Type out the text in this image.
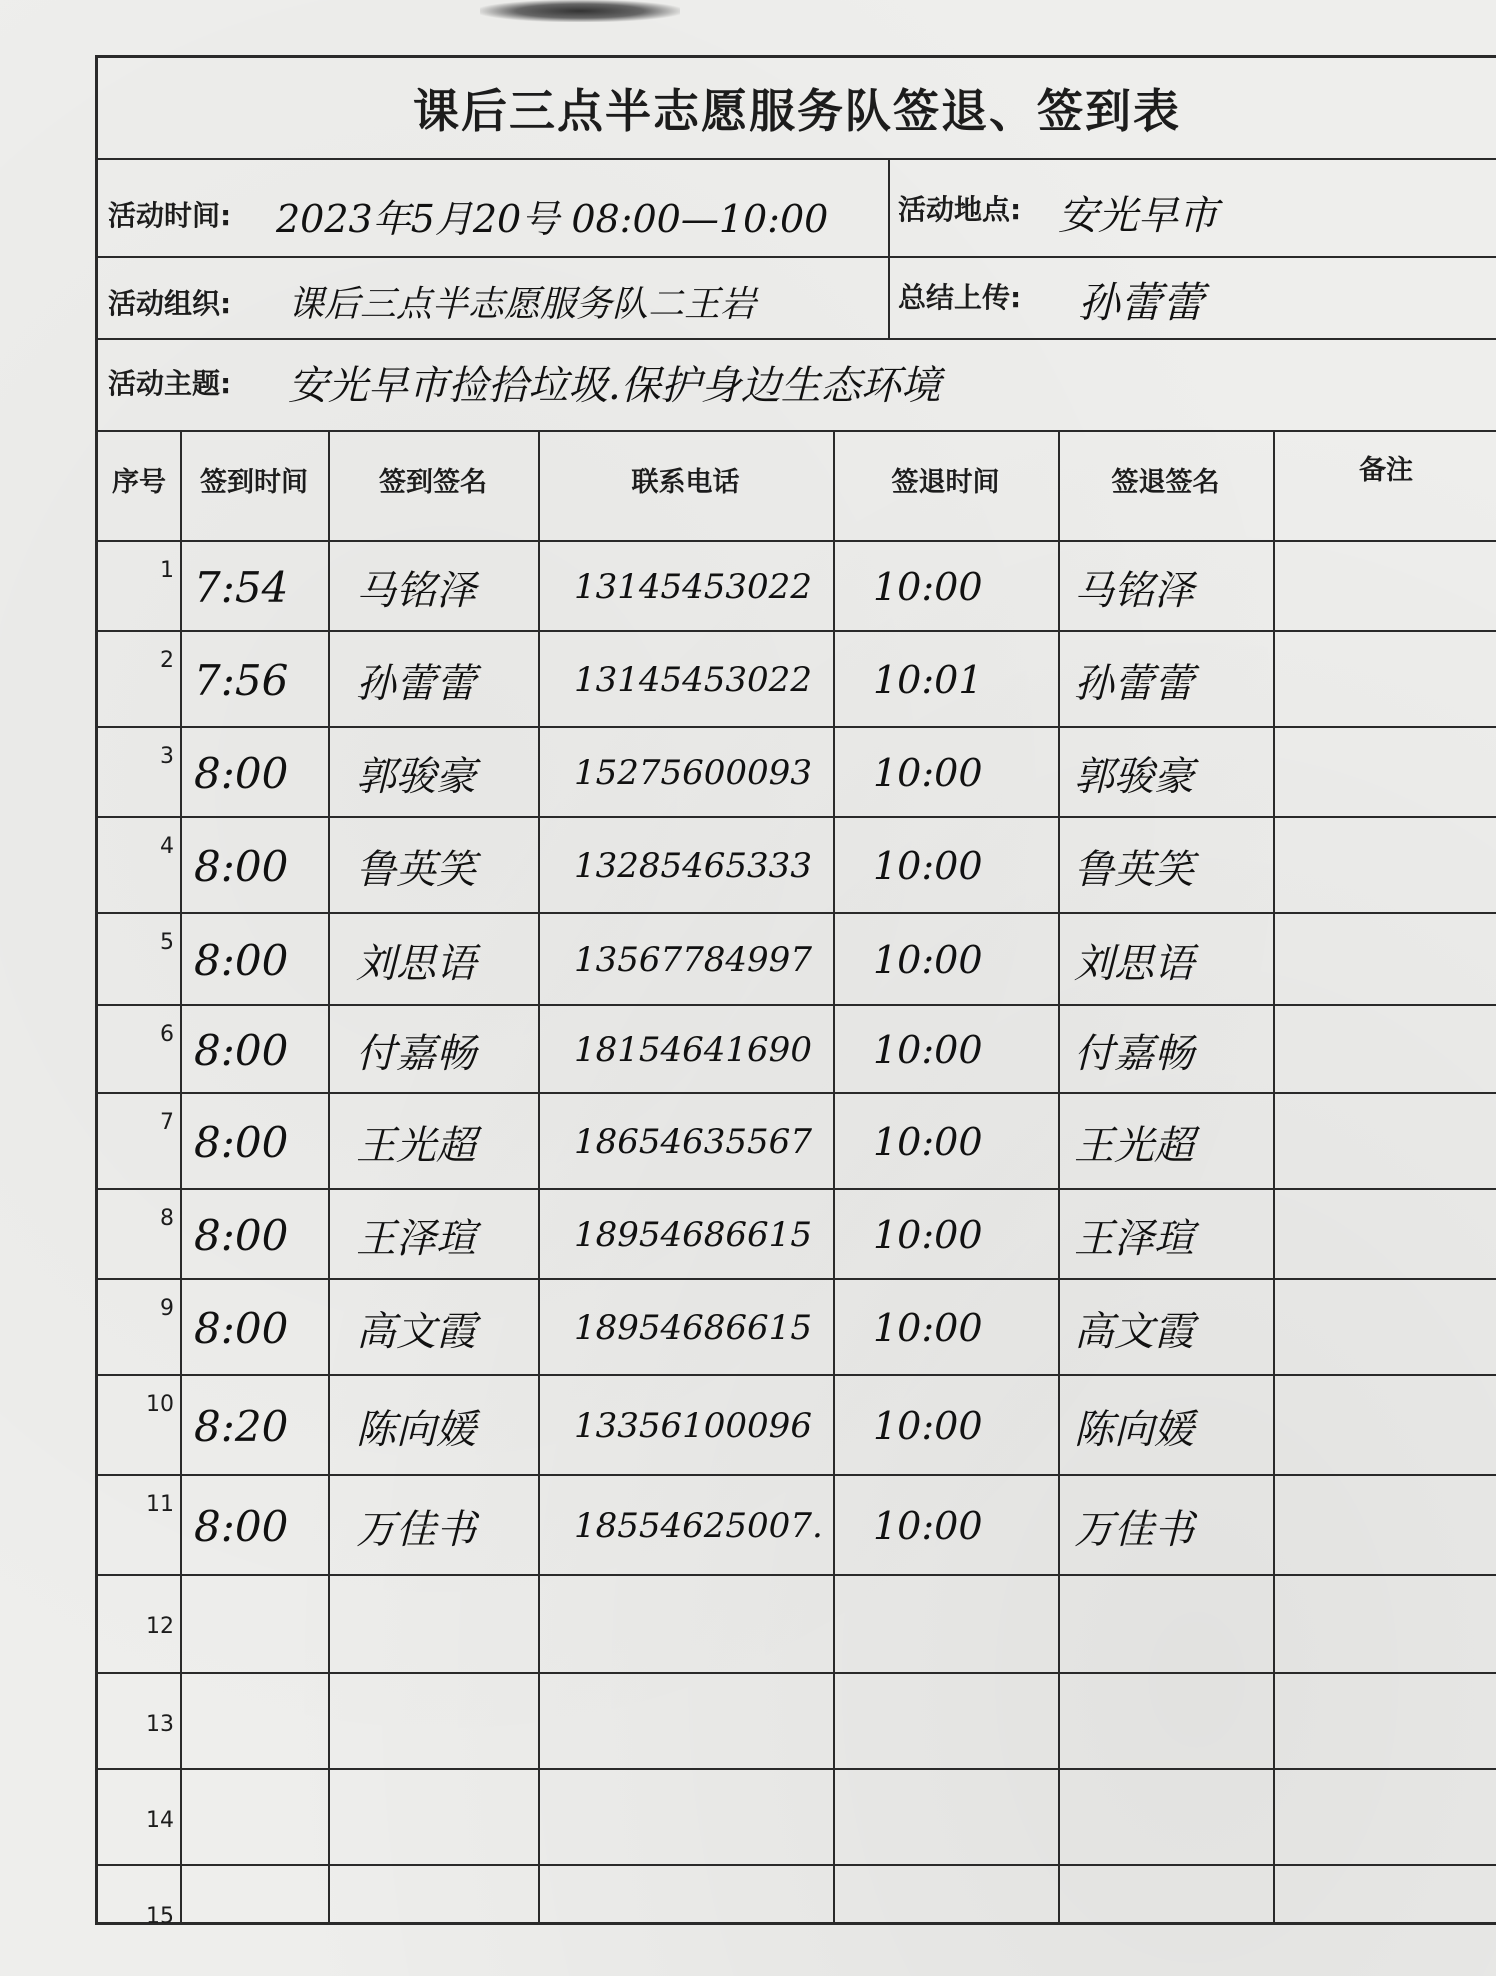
课后三点半志愿服务队签退、签到表
活动时间: 2023年5月20号 08:00—10:00 活动地点: 安光早市
活动组织: 课后三点半志愿服务队二王岩	总结上传: 孙蕾蕾
活动主题: 安光早市捡拾垃圾.保护身边生态环境
序号	签到时间	签到签名	联系电话	签退时间	签退签名	备注
1 7:54	马铭泽	13145453022	10:00	马铭泽
2 7:56	孙蕾蕾	13145453022	10:01	孙蕾蕾
3 8:00	郭骏豪	15275600093	10:00	郭骏豪
4 8:00	鲁英笑	13285465333	10:00	鲁英笑
5 8:00	刘思语	13567784997	10:00	刘思语
6 8:00	付嘉畅	18154641690	10:00	付嘉畅
7 8:00	王光超	18654635567	10:00	王光超
8 8:00	王泽瑄	18954686615	10:00	王泽瑄
9 8:00	高文霞	18954686615	10:00	高文霞
10 8:20	陈向媛	13356100096	10:00	陈向媛
11 8:00	万佳书	18554625007. 10:00	万佳书
12
13
14
15
